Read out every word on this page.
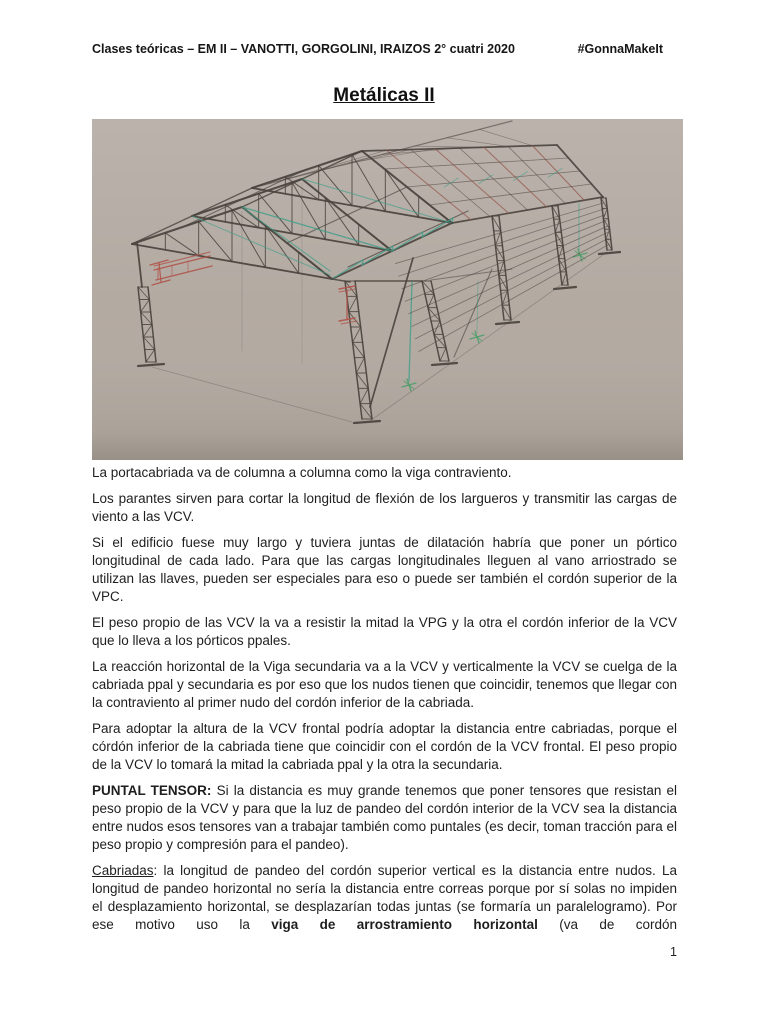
Clases teóricas – EM II – VANOTTI, GORGOLINI, IRAIZOS 2° cuatri 2020	#GonnaMakeIt
Metálicas II

La portacabriada va de columna a columna como la viga contraviento.

Los parantes sirven para cortar la longitud de flexión de los largueros y transmitir las cargas de viento a las VCV.

Si el edificio fuese muy largo y tuviera juntas de dilatación habría que poner un pórtico longitudinal de cada lado. Para que las cargas longitudinales lleguen al vano arriostrado se utilizan las llaves, pueden ser especiales para eso o puede ser también el cordón superior de la VPC.

El peso propio de las VCV la va a resistir la mitad la VPG y la otra el cordón inferior de la VCV que lo lleva a los pórticos ppales.

La reacción horizontal de la Viga secundaria va a la VCV y verticalmente la VCV se cuelga de la cabriada ppal y secundaria es por eso que los nudos tienen que coincidir, tenemos que llegar con la contraviento al primer nudo del cordón inferior de la cabriada.

Para adoptar la altura de la VCV frontal podría adoptar la distancia entre cabriadas, porque el córdón inferior de la cabriada tiene que coincidir con el cordón de la VCV frontal. El peso propio de la VCV lo tomará la mitad la cabriada ppal y la otra la secundaria.

PUNTAL TENSOR: Si la distancia es muy grande tenemos que poner tensores que resistan el peso propio de la VCV y para que la luz de pandeo del cordón interior de la VCV sea la distancia entre nudos esos tensores van a trabajar también como puntales (es decir, toman tracción para el peso propio y compresión para el pandeo).

Cabriadas: la longitud de pandeo del cordón superior vertical es la distancia entre nudos. La longitud de pandeo horizontal no sería la distancia entre correas porque por sí solas no impiden el desplazamiento horizontal, se desplazarían todas juntas (se formaría un paralelogramo). Por ese motivo uso la viga de arrostramiento horizontal (va de cordón

1
